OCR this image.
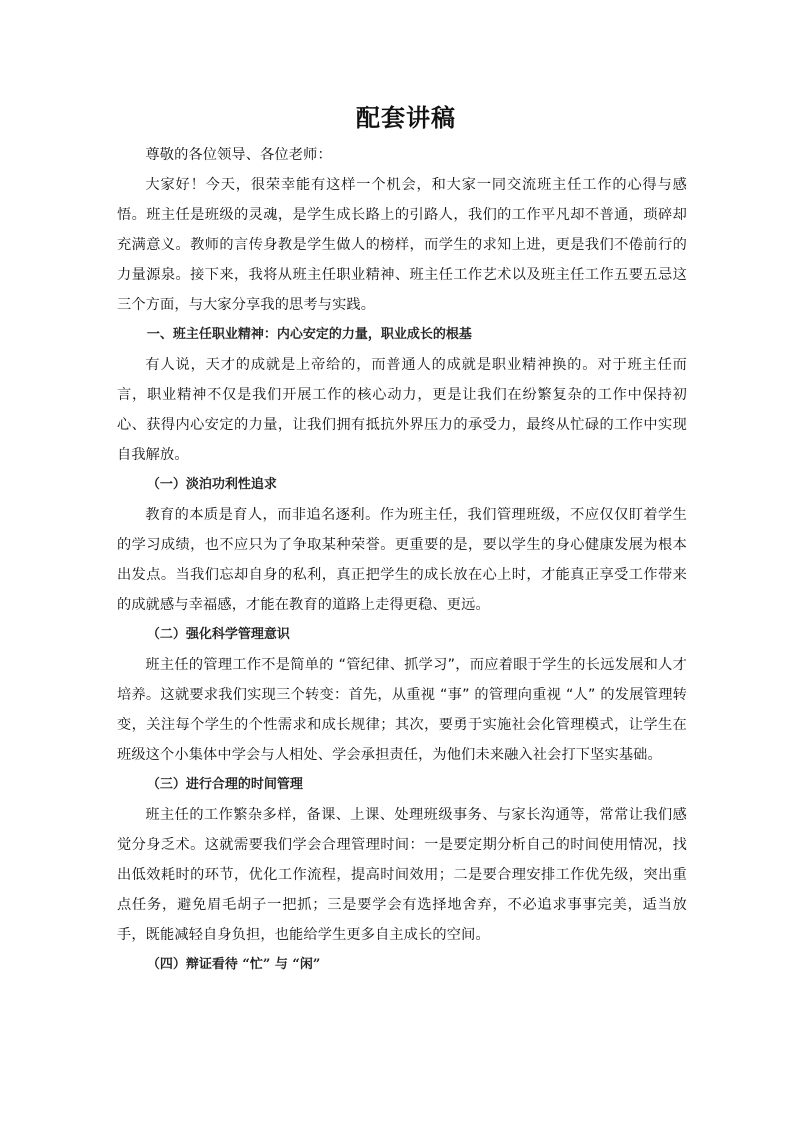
配套讲稿

尊敬的各位领导、各位老师：

大家好！今天，很荣幸能有这样一个机会，和大家一同交流班主任工作的心得与感悟。班主任是班级的灵魂，是学生成长路上的引路人，我们的工作平凡却不普通，琐碎却充满意义。教师的言传身教是学生做人的榜样，而学生的求知上进，更是我们不倦前行的力量源泉。接下来，我将从班主任职业精神、班主任工作艺术以及班主任工作五要五忌这三个方面，与大家分享我的思考与实践。

一、班主任职业精神：内心安定的力量，职业成长的根基

有人说，天才的成就是上帝给的，而普通人的成就是职业精神换的。对于班主任而言，职业精神不仅是我们开展工作的核心动力，更是让我们在纷繁复杂的工作中保持初心、获得内心安定的力量，让我们拥有抵抗外界压力的承受力，最终从忙碌的工作中实现自我解放。

（一）淡泊功利性追求

教育的本质是育人，而非追名逐利。作为班主任，我们管理班级，不应仅仅盯着学生的学习成绩，也不应只为了争取某种荣誉。更重要的是，要以学生的身心健康发展为根本出发点。当我们忘却自身的私利，真正把学生的成长放在心上时，才能真正享受工作带来的成就感与幸福感，才能在教育的道路上走得更稳、更远。

（二）强化科学管理意识

班主任的管理工作不是简单的 “管纪律、抓学习”，而应着眼于学生的长远发展和人才培养。这就要求我们实现三个转变：首先，从重视 “事” 的管理向重视 “人” 的发展管理转变，关注每个学生的个性需求和成长规律；其次，要勇于实施社会化管理模式，让学生在班级这个小集体中学会与人相处、学会承担责任，为他们未来融入社会打下坚实基础。

（三）进行合理的时间管理

班主任的工作繁杂多样，备课、上课、处理班级事务、与家长沟通等，常常让我们感觉分身乏术。这就需要我们学会合理管理时间：一是要定期分析自己的时间使用情况，找出低效耗时的环节，优化工作流程，提高时间效用；二是要合理安排工作优先级，突出重点任务，避免眉毛胡子一把抓；三是要学会有选择地舍弃，不必追求事事完美，适当放手，既能减轻自身负担，也能给学生更多自主成长的空间。

（四）辩证看待 “忙” 与 “闲”
